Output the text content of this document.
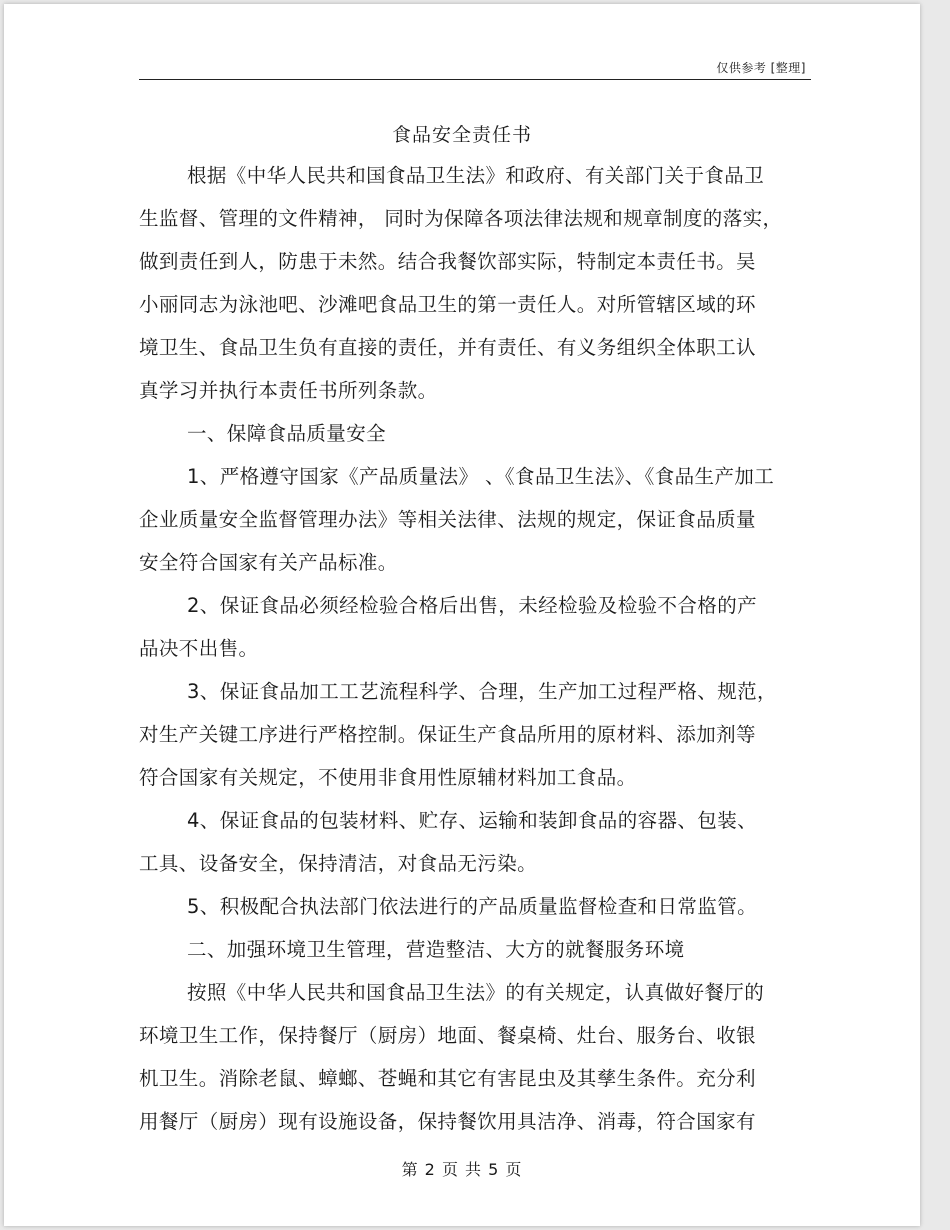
仅供参考 [整理]
食品安全责任书
根据《中华人民共和国食品卫生法》和政府、有关部门关于食品卫
生监督、管理的文件精神， 同时为保障各项法律法规和规章制度的落实，
做到责任到人，防患于未然。结合我餐饮部实际，特制定本责任书。吴
小丽同志为泳池吧、沙滩吧食品卫生的第一责任人。对所管辖区域的环
境卫生、食品卫生负有直接的责任，并有责任、有义务组织全体职工认
真学习并执行本责任书所列条款。
一、保障食品质量安全
1、严格遵守国家《产品质量法》 、《食品卫生法》、《食品生产加工
企业质量安全监督管理办法》等相关法律、法规的规定，保证食品质量
安全符合国家有关产品标准。
2、保证食品必须经检验合格后出售，未经检验及检验不合格的产
品决不出售。
3、保证食品加工工艺流程科学、合理，生产加工过程严格、规范，
对生产关键工序进行严格控制。保证生产食品所用的原材料、添加剂等
符合国家有关规定，不使用非食用性原辅材料加工食品。
4、保证食品的包装材料、贮存、运输和装卸食品的容器、包装、
工具、设备安全，保持清洁，对食品无污染。
5、积极配合执法部门依法进行的产品质量监督检查和日常监管。
二、加强环境卫生管理，营造整洁、大方的就餐服务环境
按照《中华人民共和国食品卫生法》的有关规定，认真做好餐厅的
环境卫生工作，保持餐厅（厨房）地面、餐桌椅、灶台、服务台、收银
机卫生。消除老鼠、蟑螂、苍蝇和其它有害昆虫及其孳生条件。充分利
用餐厅（厨房）现有设施设备，保持餐饮用具洁净、消毒，符合国家有
第 2 页 共 5 页
